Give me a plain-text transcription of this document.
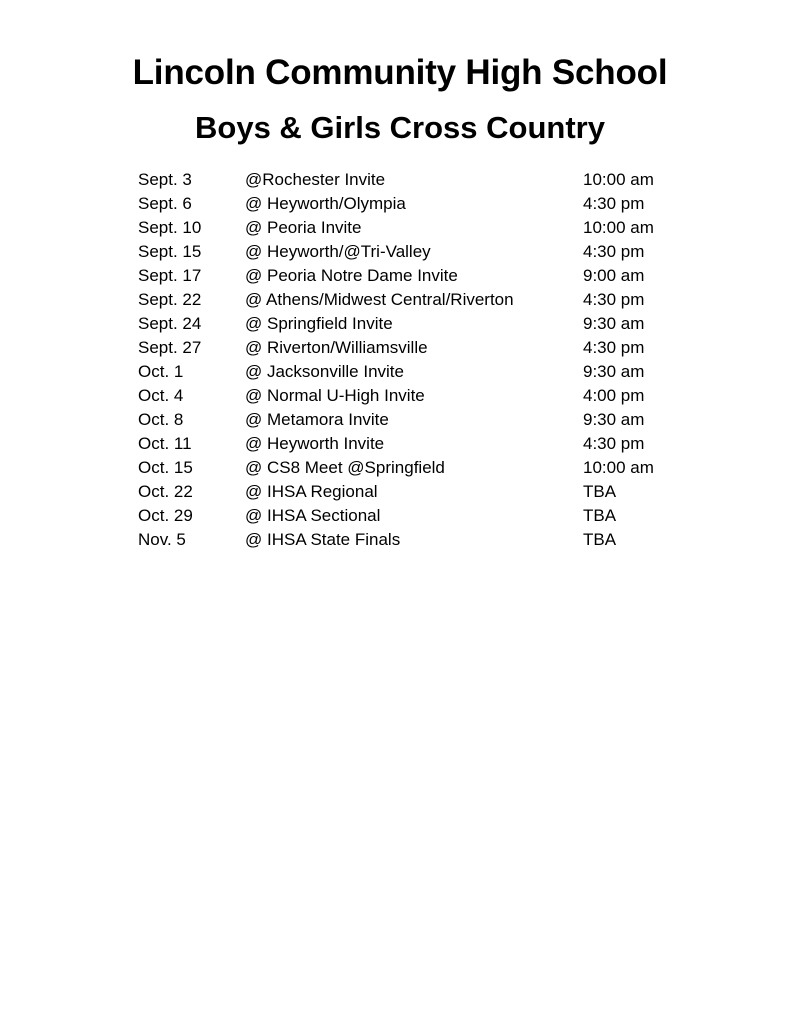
Lincoln Community High School
Boys & Girls Cross Country
Sept. 3	@Rochester Invite	10:00 am
Sept. 6	@ Heyworth/Olympia	4:30 pm
Sept. 10	@ Peoria Invite	10:00 am
Sept. 15	@ Heyworth/@Tri-Valley	4:30 pm
Sept. 17	@ Peoria Notre Dame Invite	9:00 am
Sept. 22	@ Athens/Midwest Central/Riverton	4:30 pm
Sept. 24	@ Springfield Invite	9:30 am
Sept. 27	@ Riverton/Williamsville	4:30 pm
Oct. 1	@ Jacksonville Invite	9:30 am
Oct. 4	@ Normal U-High Invite	4:00 pm
Oct. 8	@ Metamora Invite	9:30 am
Oct. 11	@ Heyworth Invite	4:30 pm
Oct. 15	@ CS8 Meet @Springfield	10:00 am
Oct. 22	@ IHSA Regional	TBA
Oct. 29	@ IHSA Sectional	TBA
Nov. 5	@ IHSA State Finals	TBA
